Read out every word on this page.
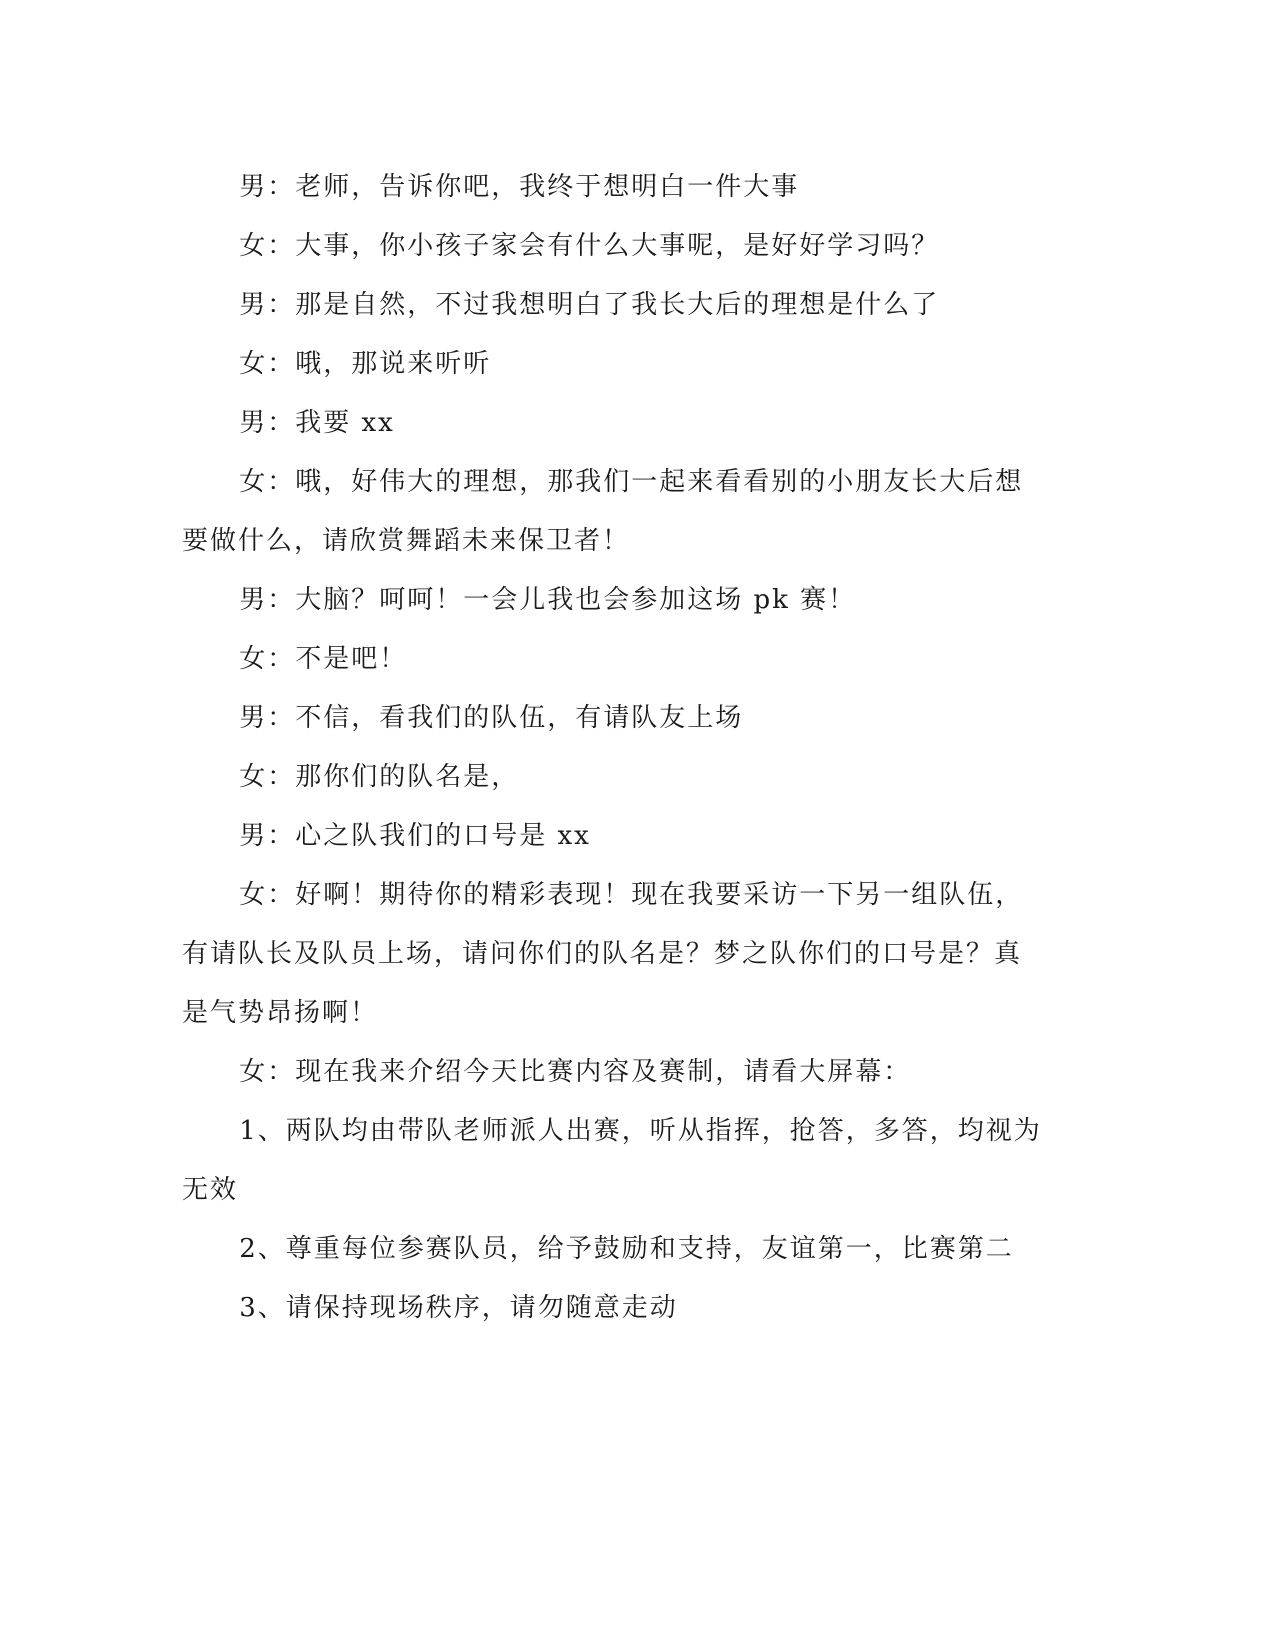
男：老师，告诉你吧，我终于想明白一件大事

女：大事，你小孩子家会有什么大事呢，是好好学习吗？

男：那是自然，不过我想明白了我长大后的理想是什么了

女：哦，那说来听听

男：我要 xx

女：哦，好伟大的理想，那我们一起来看看别的小朋友长大后想要做什么，请欣赏舞蹈未来保卫者！

男：大脑？呵呵！一会儿我也会参加这场 pk 赛！

女：不是吧！

男：不信，看我们的队伍，有请队友上场

女：那你们的队名是，

男：心之队我们的口号是 xx

女：好啊！期待你的精彩表现！现在我要采访一下另一组队伍，有请队长及队员上场，请问你们的队名是？梦之队你们的口号是？真是气势昂扬啊！

女：现在我来介绍今天比赛内容及赛制，请看大屏幕：

1、两队均由带队老师派人出赛，听从指挥，抢答，多答，均视为无效

2、尊重每位参赛队员，给予鼓励和支持，友谊第一，比赛第二

3、请保持现场秩序，请勿随意走动
